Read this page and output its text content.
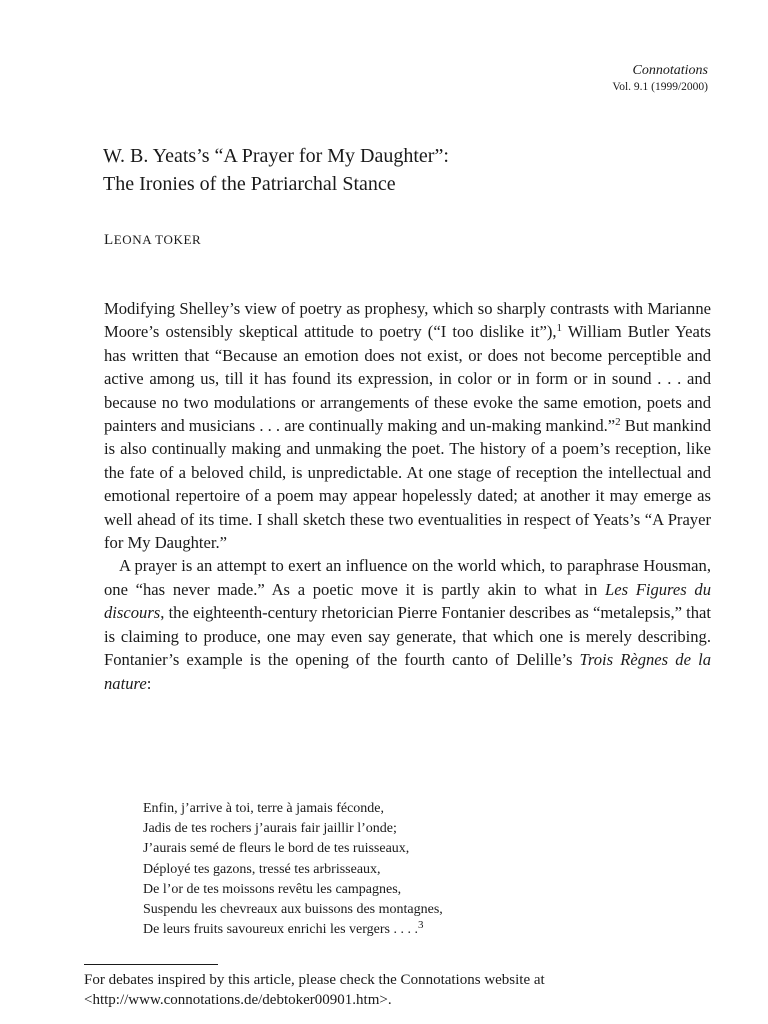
Connotations
Vol. 9.1 (1999/2000)
W. B. Yeats’s “A Prayer for My Daughter”:
The Ironies of the Patriarchal Stance
LEONA TOKER

Modifying Shelley’s view of poetry as prophesy, which so sharply contrasts with Marianne Moore’s ostensibly skeptical attitude to poetry (“I too dislike it”),$^1$ William Butler Yeats has written that “Because an emotion does not exist, or does not become perceptible and active among us, till it has found its expression, in color or in form or in sound . . . and because no two modulations or arrangements of these evoke the same emotion, poets and painters and musicians . . . are continually making and un-making mankind.”$^2$ But mankind is also continually making and unmaking the poet. The history of a poem’s reception, like the fate of a beloved child, is unpredictable. At one stage of reception the intellectual and emotional repertoire of a poem may appear hopelessly dated; at another it may emerge as well ahead of its time. I shall sketch these two eventualities in respect of Yeats’s “A Prayer for My Daughter.”

A prayer is an attempt to exert an influence on the world which, to paraphrase Housman, one “has never made.” As a poetic move it is partly akin to what in Les Figures du discours, the eighteenth-century rhetorician Pierre Fontanier describes as “metalepsis,” that is claiming to produce, one may even say generate, that which one is merely describing. Fontanier’s example is the opening of the fourth canto of Delille’s Trois Règnes de la nature:

Enfin, j’arrive à toi, terre à jamais féconde,
Jadis de tes rochers j’aurais fair jaillir l’onde;
J’aurais semé de fleurs le bord de tes ruisseaux,
Déployé tes gazons, tressé tes arbrisseaux,
De l’or de tes moissons revêtu les campagnes,
Suspendu les chevreaux aux buissons des montagnes,
De leurs fruits savoureux enrichi les vergers . . . .$^3$
For debates inspired by this article, please check the Connotations website at
<http://www.connotations.de/debtoker00901.htm>.
